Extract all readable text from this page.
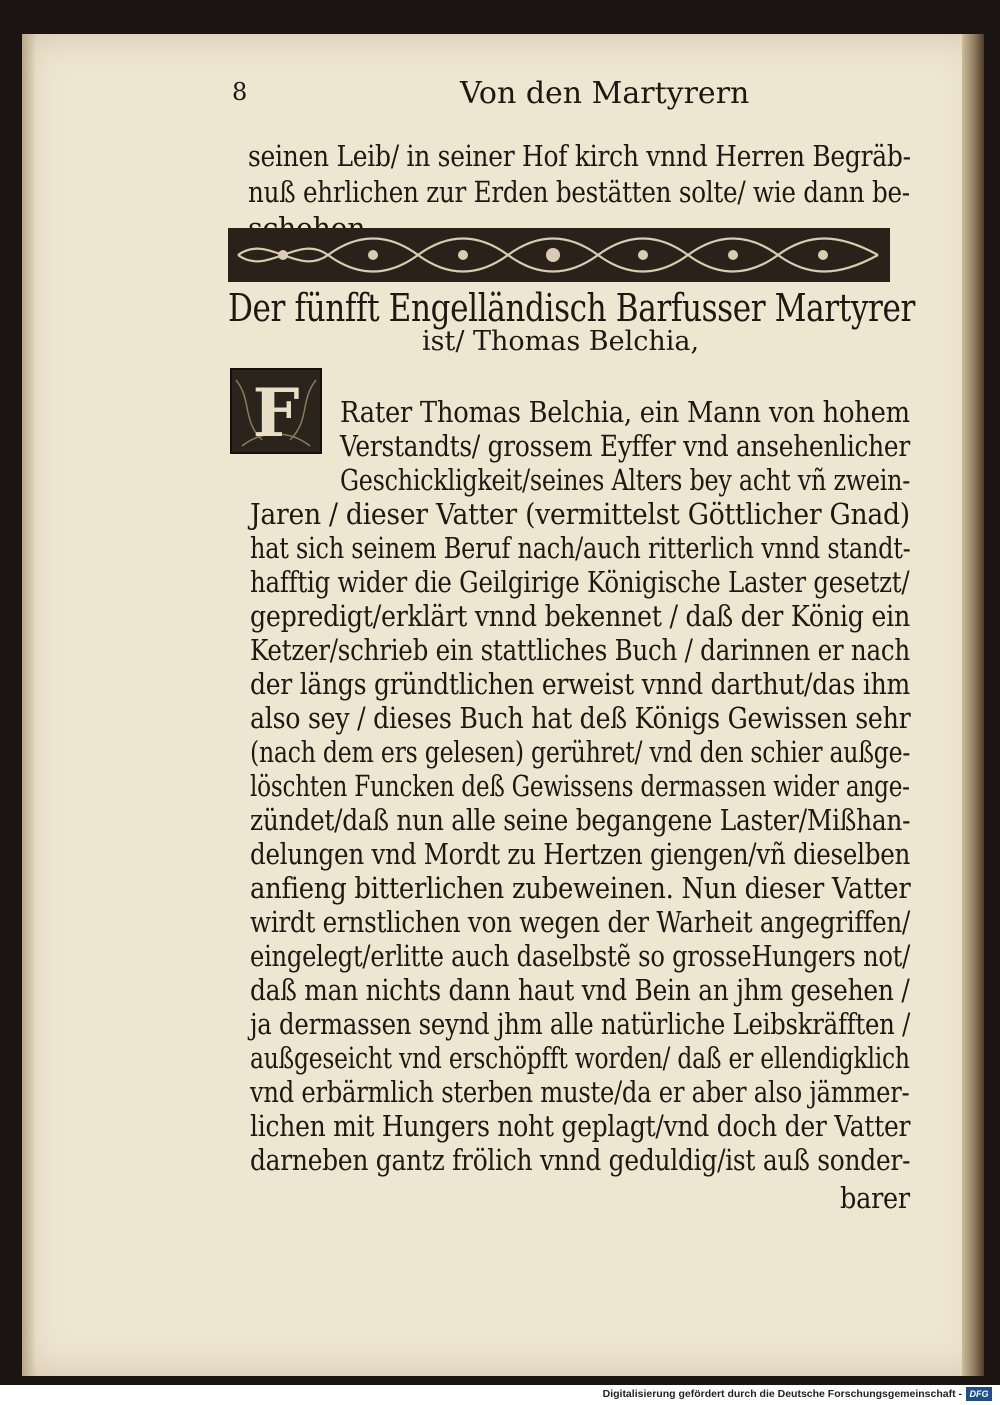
8	Von den Martyrern
seinen Leib/ in seiner Hof kirch vnnd Herren Begräb-
nuß ehrlichen zur Erden bestätten solte/ wie dann be-
Der fünfft Engelländisch Barfusser Martyrer
ist/ Thomas Belchia,
F	Rater Thomas Belchia, ein Mann von hohem
Verstandts/ grossem Eyffer vnd ansehenlicher
Geschickligkeit/seines Alters bey acht vñ zwein-
Jaren / dieser Vatter (vermittelst Göttlicher Gnad)
hat sich seinem Beruf nach/auch ritterlich vnnd standt-
hafftig wider die Geilgirige Königische Laster gesetzt/
gepredigt/erklärt vnnd bekennet / daß der König ein
Ketzer/schrieb ein stattliches Buch / darinnen er nach
der längs gründtlichen erweist vnnd darthut/das ihm
also sey / dieses Buch hat deß Königs Gewissen sehr
(nach dem ers gelesen) gerühret/ vnd den schier außge-
löschten Funcken deß Gewissens dermassen wider ange-
zündet/daß nun alle seine begangene Laster/Mißhan-
delungen vnd Mordt zu Hertzen giengen/vñ dieselben
anfieng bitterlichen zubeweinen. Nun dieser Vatter
wirdt ernstlichen von wegen der Warheit angegriffen/
eingelegt/erlitte auch daselbstẽ so grosseHungers not/
daß man nichts dann haut vnd Bein an jhm gesehen /
ja dermassen seynd jhm alle natürliche Leibskräfften /
außgeseicht vnd erschöpfft worden/ daß er ellendigklich
vnd erbärmlich sterben muste/da er aber also jämmer-
lichen mit Hungers noht geplagt/vnd doch der Vatter
darneben gantz frölich vnnd geduldig/ist auß sonder-
barer
Digitalisierung gefördert durch die Deutsche Forschungsgemeinschaft - DFG
